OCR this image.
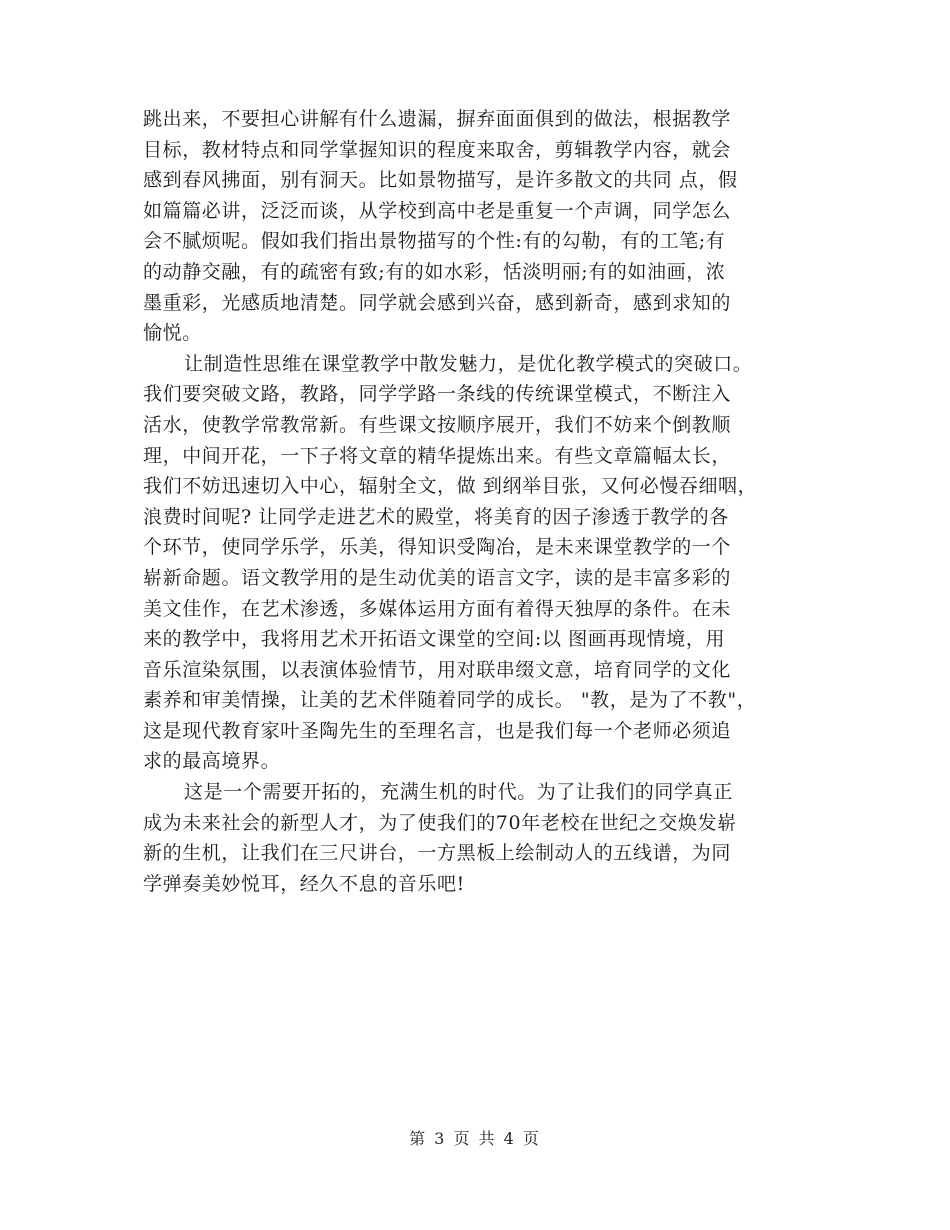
跳出来，不要担心讲解有什么遗漏，摒弃面面俱到的做法，根据教学
目标，教材特点和同学掌握知识的程度来取舍，剪辑教学内容，就会
感到春风拂面，别有洞天。比如景物描写，是许多散文的共同 点，假
如篇篇必讲，泛泛而谈，从学校到高中老是重复一个声调，同学怎么
会不腻烦呢。假如我们指出景物描写的个性:有的勾勒，有的工笔;有
的动静交融，有的疏密有致;有的如水彩，恬淡明丽;有的如油画，浓
墨重彩，光感质地清楚。同学就会感到兴奋，感到新奇，感到求知的
愉悦。
让制造性思维在课堂教学中散发魅力，是优化教学模式的突破口。
我们要突破文路，教路，同学学路一条线的传统课堂模式，不断注入
活水，使教学常教常新。有些课文按顺序展开，我们不妨来个倒教顺
理，中间开花，一下子将文章的精华提炼出来。有些文章篇幅太长，
我们不妨迅速切入中心，辐射全文，做 到纲举目张，又何必慢吞细咽，
浪费时间呢? 让同学走进艺术的殿堂，将美育的因子渗透于教学的各
个环节，使同学乐学，乐美，得知识受陶冶，是未来课堂教学的一个
崭新命题。语文教学用的是生动优美的语言文字，读的是丰富多彩的
美文佳作，在艺术渗透，多媒体运用方面有着得天独厚的条件。在未
来的教学中，我将用艺术开拓语文课堂的空间:以 图画再现情境，用
音乐渲染氛围，以表演体验情节，用对联串缀文意，培育同学的文化
素养和审美情操，让美的艺术伴随着同学的成长。 "教，是为了不教"，
这是现代教育家叶圣陶先生的至理名言，也是我们每一个老师必须追
求的最高境界。
这是一个需要开拓的，充满生机的时代。为了让我们的同学真正
成为未来社会的新型人才，为了使我们的70年老校在世纪之交焕发崭
新的生机，让我们在三尺讲台，一方黑板上绘制动人的五线谱，为同
学弹奏美妙悦耳，经久不息的音乐吧!
第 3 页 共 4 页
